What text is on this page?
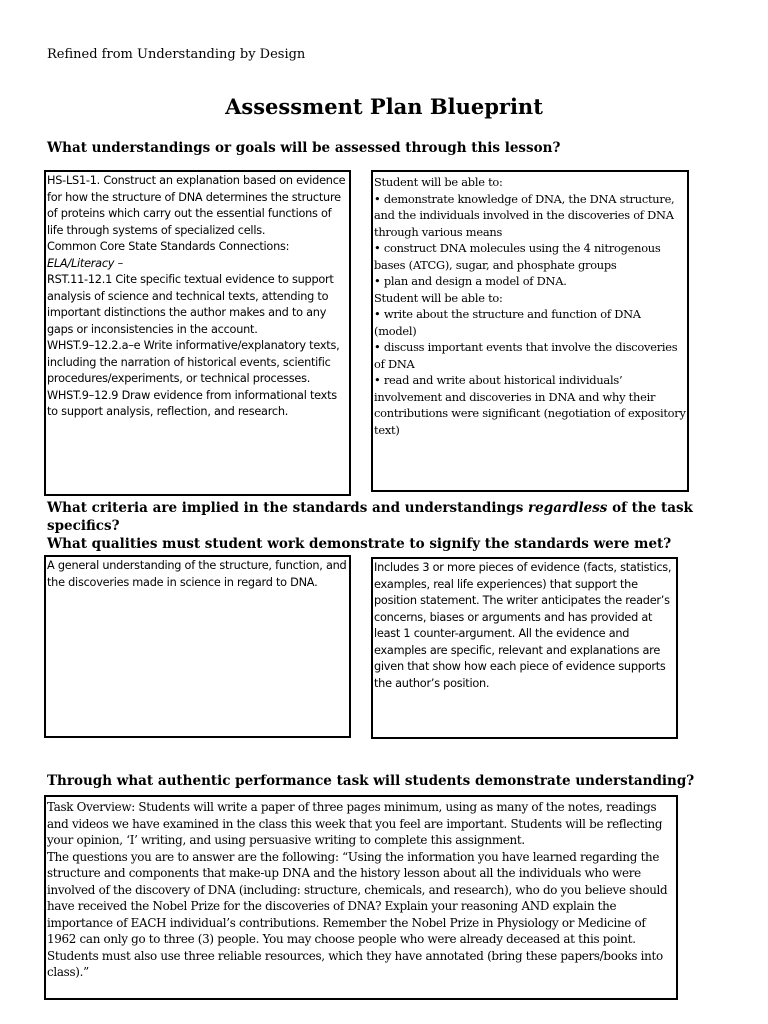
Refined from Understanding by Design
Assessment Plan Blueprint
What understandings or goals will be assessed through this lesson?

HS-LS1-1. Construct an explanation based on evidence for how the structure of DNA determines the structure of proteins which carry out the essential functions of life through systems of specialized cells.

Common Core State Standards Connections:

ELA/Literacy –

RST.11-12.1 Cite specific textual evidence to support analysis of science and technical texts, attending to important distinctions the author makes and to any gaps or inconsistencies in the account.

WHST.9–12.2.a–e Write informative/explanatory texts, including the narration of historical events, scientific procedures/experiments, or technical processes.

WHST.9–12.9 Draw evidence from informational texts to support analysis, reflection, and research.

Student will be able to:

• demonstrate knowledge of DNA, the DNA structure, and the individuals involved in the discoveries of DNA through various means

• construct DNA molecules using the 4 nitrogenous bases (ATCG), sugar, and phosphate groups

• plan and design a model of DNA.

Student will be able to:

• write about the structure and function of DNA (model)

• discuss important events that involve the discoveries of DNA

• read and write about historical individuals’ involvement and discoveries in DNA and why their contributions were significant (negotiation of expository text)

What criteria are implied in the standards and understandings regardless of the task specifics?
What qualities must student work demonstrate to signify the standards were met?

A general understanding of the structure, function, and the discoveries made in science in regard to DNA.

Includes 3 or more pieces of evidence (facts, statistics, examples, real life experiences) that support the position statement. The writer anticipates the reader’s concerns, biases or arguments and has provided at least 1 counter-argument. All the evidence and examples are specific, relevant and explanations are given that show how each piece of evidence supports the author’s position.

Through what authentic performance task will students demonstrate understanding?

Task Overview: Students will write a paper of three pages minimum, using as many of the notes, readings and videos we have examined in the class this week that you feel are important. Students will be reflecting your opinion, ‘I’ writing, and using persuasive writing to complete this assignment.

The questions you are to answer are the following: “Using the information you have learned regarding the structure and components that make-up DNA and the history lesson about all the individuals who were involved of the discovery of DNA (including: structure, chemicals, and research), who do you believe should have received the Nobel Prize for the discoveries of DNA? Explain your reasoning AND explain the importance of EACH individual’s contributions. Remember the Nobel Prize in Physiology or Medicine of 1962 can only go to three (3) people. You may choose people who were already deceased at this point. Students must also use three reliable resources, which they have annotated (bring these papers/books into class).”
